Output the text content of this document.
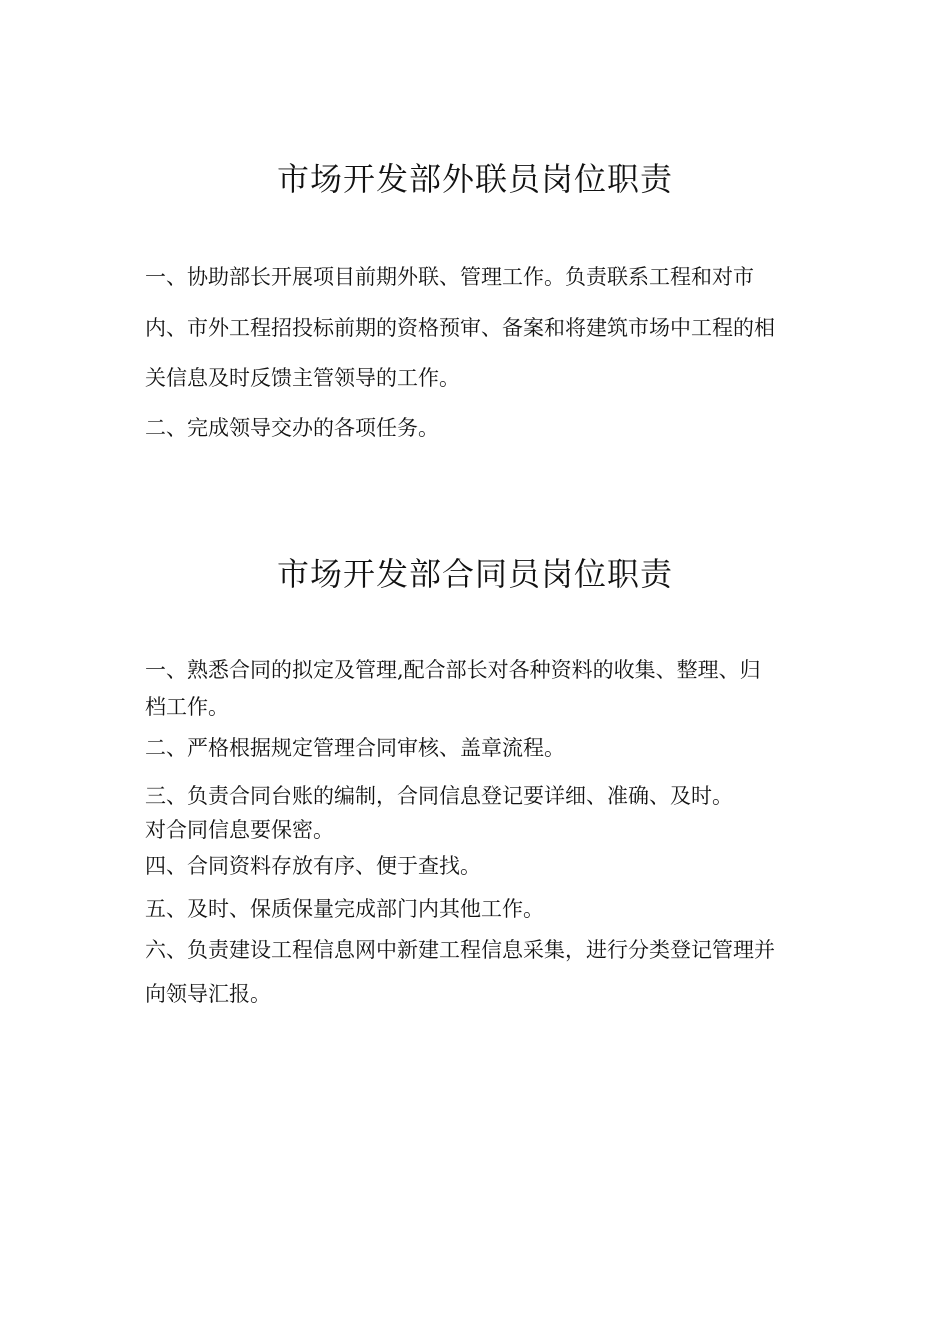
市场开发部外联员岗位职责

一、协助部长开展项目前期外联、管理工作。负责联系工程和对市

内、市外工程招投标前期的资格预审、备案和将建筑市场中工程的相

关信息及时反馈主管领导的工作。

二、完成领导交办的各项任务。

市场开发部合同员岗位职责

一、熟悉合同的拟定及管理,配合部长对各种资料的收集、整理、归

档工作。

二、严格根据规定管理合同审核、盖章流程。

三、负责合同台账的编制，合同信息登记要详细、准确、及时。

对合同信息要保密。

四、合同资料存放有序、便于查找。

五、及时、保质保量完成部门内其他工作。

六、负责建设工程信息网中新建工程信息采集，进行分类登记管理并

向领导汇报。
